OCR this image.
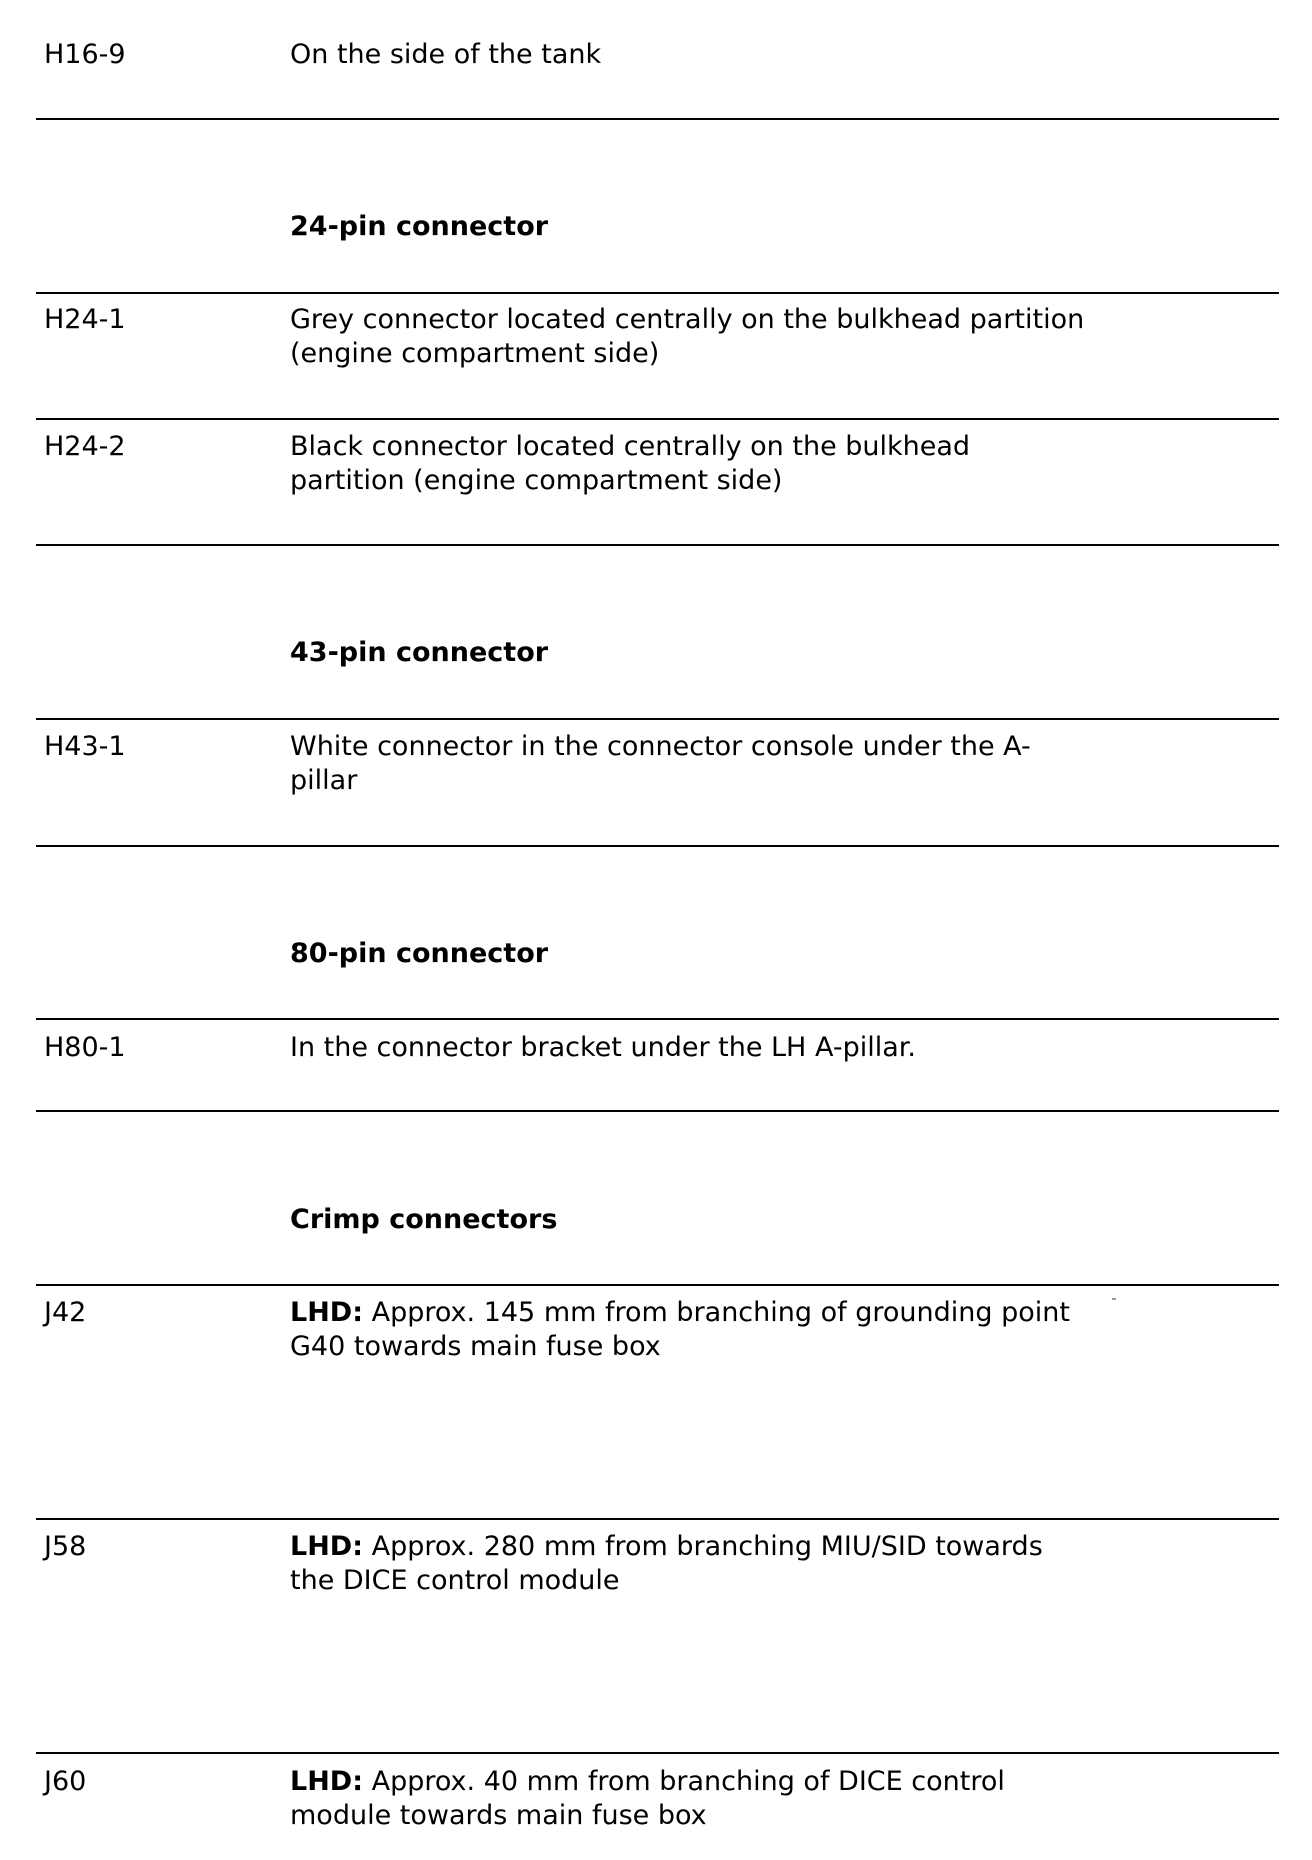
H16-9	On the side of the tank
24-pin connector
H24-1	Grey connector located centrally on the bulkhead partition (engine compartment side)
H24-2	Black connector located centrally on the bulkhead partition (engine compartment side)
43-pin connector
H43-1	White connector in the connector console under the A-pillar
80-pin connector
H80-1	In the connector bracket under the LH A-pillar.
Crimp connectors
J42	LHD: Approx. 145 mm from branching of grounding point G40 towards main fuse box
J58	LHD: Approx. 280 mm from branching MIU/SID towards the DICE control module
J60	LHD: Approx. 40 mm from branching of DICE control module towards main fuse box
